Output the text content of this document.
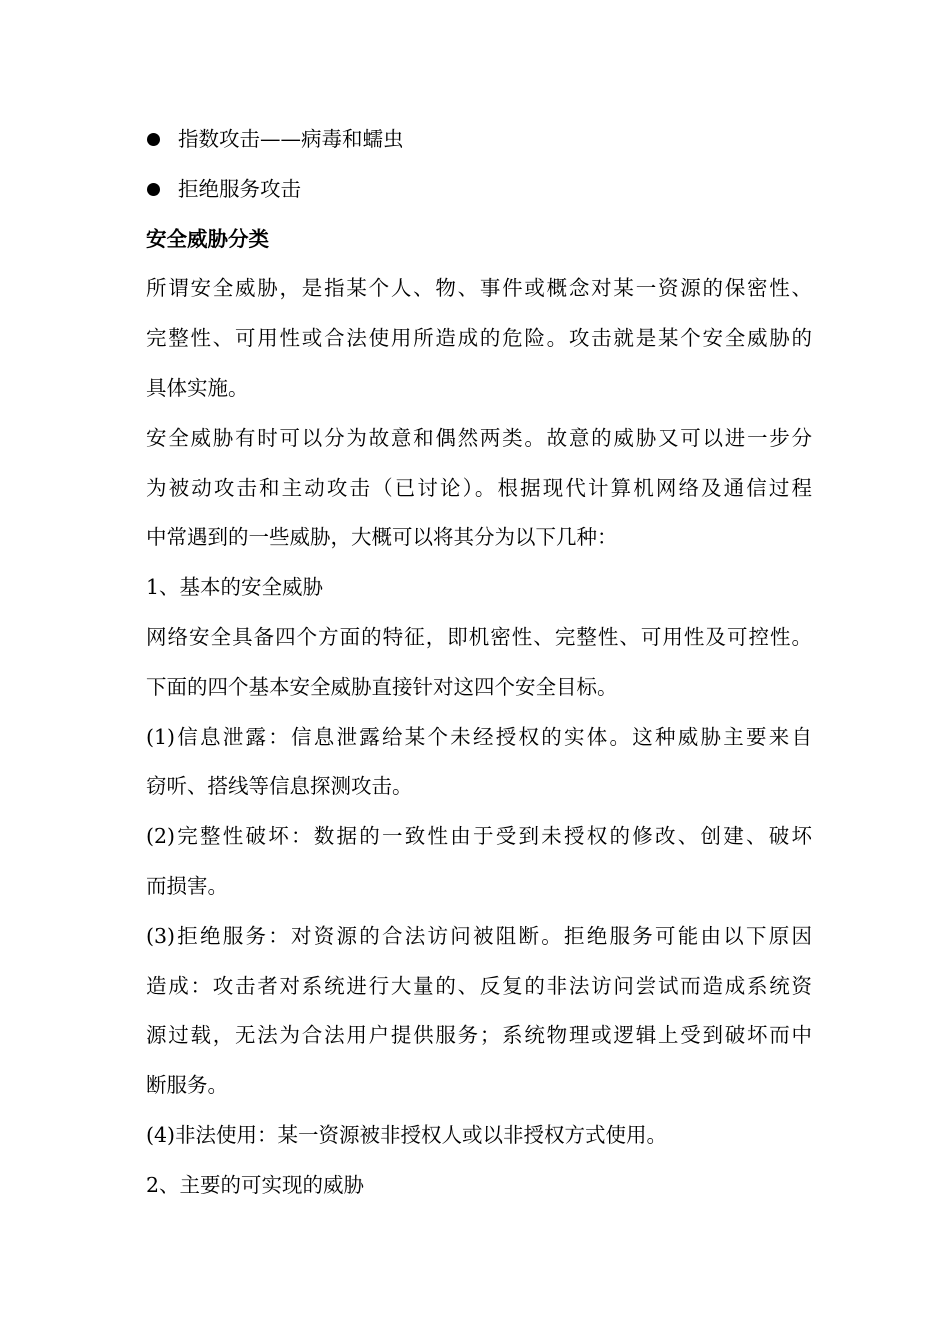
指数攻击——病毒和蠕虫
拒绝服务攻击
安全威胁分类
所谓安全威胁，是指某个人、物、事件或概念对某一资源的保密性、
完整性、可用性或合法使用所造成的危险。攻击就是某个安全威胁的
具体实施。
安全威胁有时可以分为故意和偶然两类。故意的威胁又可以进一步分
为被动攻击和主动攻击（已讨论）。根据现代计算机网络及通信过程
中常遇到的一些威胁，大概可以将其分为以下几种：
1、基本的安全威胁
网络安全具备四个方面的特征，即机密性、完整性、可用性及可控性。
下面的四个基本安全威胁直接针对这四个安全目标。
(1)信息泄露：信息泄露给某个未经授权的实体。这种威胁主要来自
窃听、搭线等信息探测攻击。
(2)完整性破坏：数据的一致性由于受到未授权的修改、创建、破坏
而损害。
(3)拒绝服务：对资源的合法访问被阻断。拒绝服务可能由以下原因
造成：攻击者对系统进行大量的、反复的非法访问尝试而造成系统资
源过载，无法为合法用户提供服务；系统物理或逻辑上受到破坏而中
断服务。
(4)非法使用：某一资源被非授权人或以非授权方式使用。
2、主要的可实现的威胁
